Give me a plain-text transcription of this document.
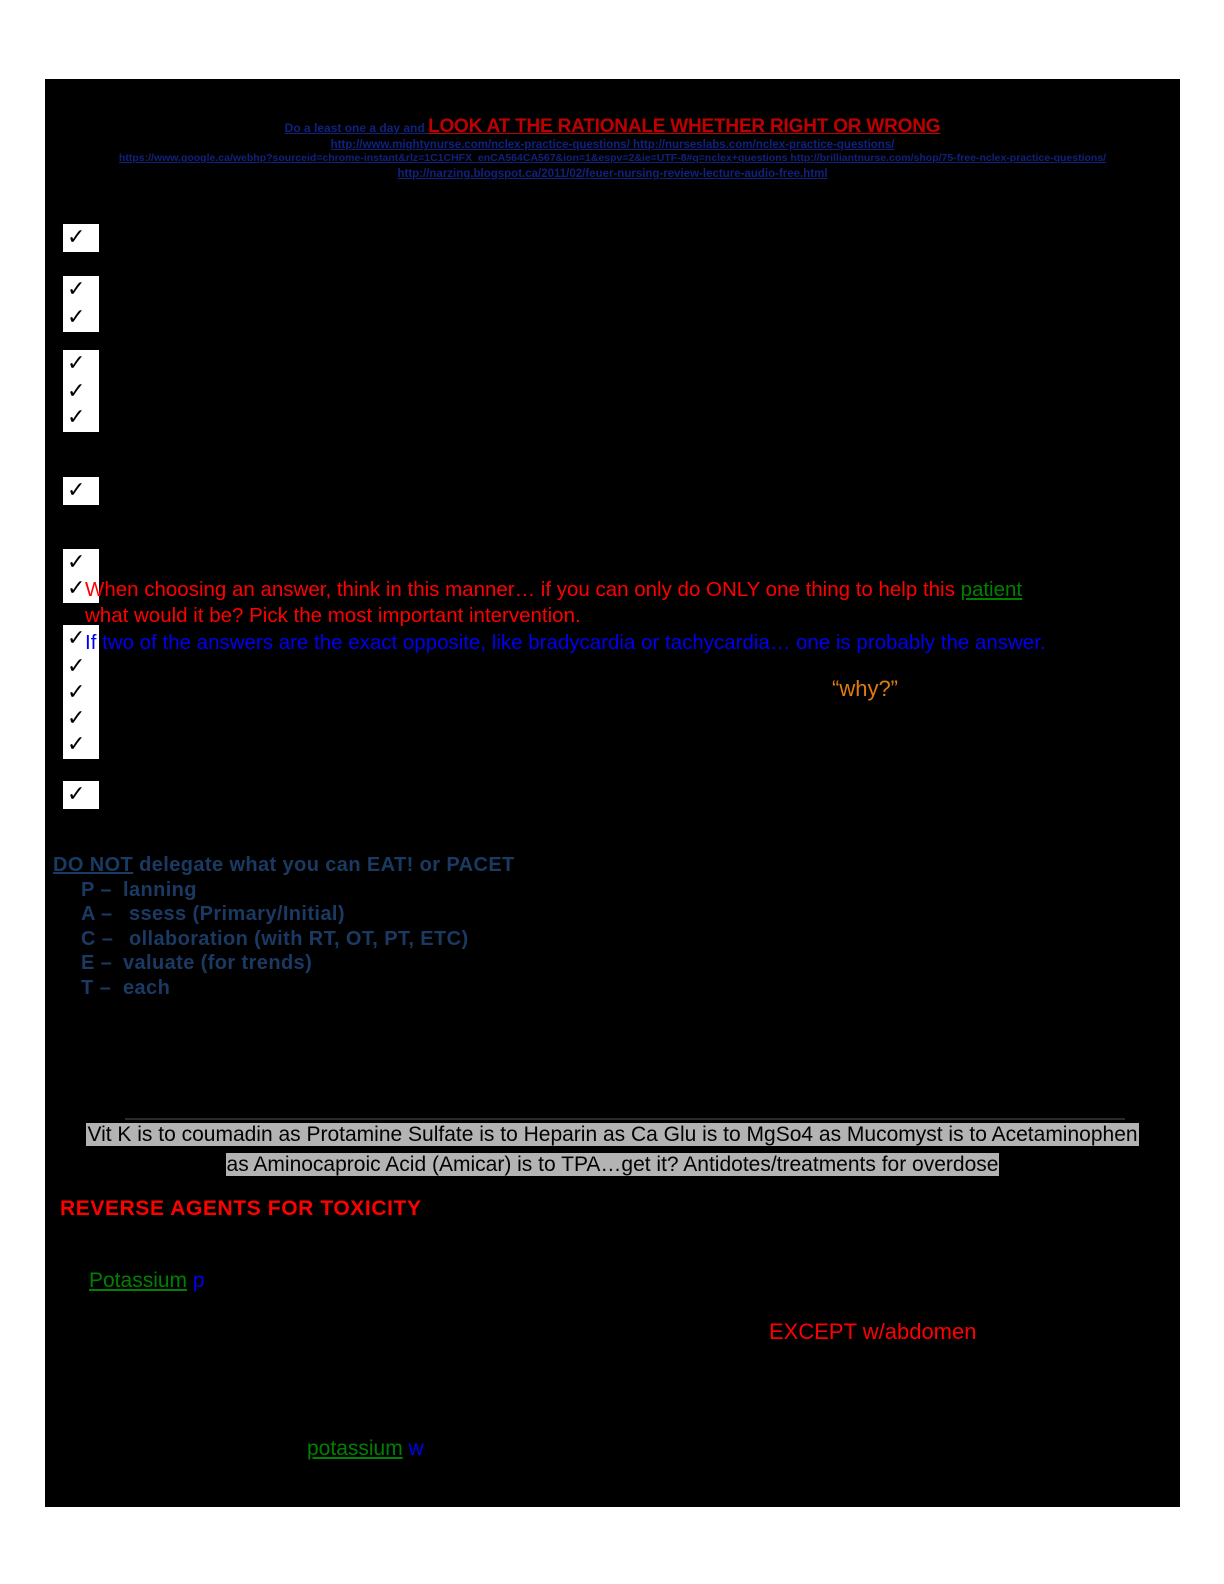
Do a least one a day and LOOK AT THE RATIONALE WHETHER RIGHT OR WRONG
http://www.mightynurse.com/nclex-practice-questions/ http://nurseslabs.com/nclex-practice-questions/
https://www.google.ca/webhp?sourceid=chrome-instant&rlz=1C1CHFX_enCA564CA567&ion=1&espv=2&ie=UTF-8#q=nclex+questions http://brilliantnurse.com/shop/75-free-nclex-practice-questions/
http://narzing.blogspot.ca/2011/02/feuer-nursing-review-lecture-audio-free.html
✓
✓
✓
✓
✓
✓
✓
✓
✓
✓
✓
✓
✓
✓
✓
When choosing an answer, think in this manner… if you can only do ONLY one thing to help this patient
what would it be? Pick the most important intervention.
If two of the answers are the exact opposite, like bradycardia or tachycardia… one is probably the answer.
“why?”
DO NOT delegate what you can EAT! or PACET
P – lanning
A – ssess (Primary/Initial)
C – ollaboration (with RT, OT, PT, ETC)
E – valuate (for trends)
T – each
Vit K is to coumadin as Protamine Sulfate is to Heparin as Ca Glu is to MgSo4 as Mucomyst is to Acetaminophen
as Aminocaproic Acid (Amicar) is to TPA…get it? Antidotes/treatments for overdose
REVERSE AGENTS FOR TOXICITY
Potassium p
EXCEPT w/abdomen
potassium w
